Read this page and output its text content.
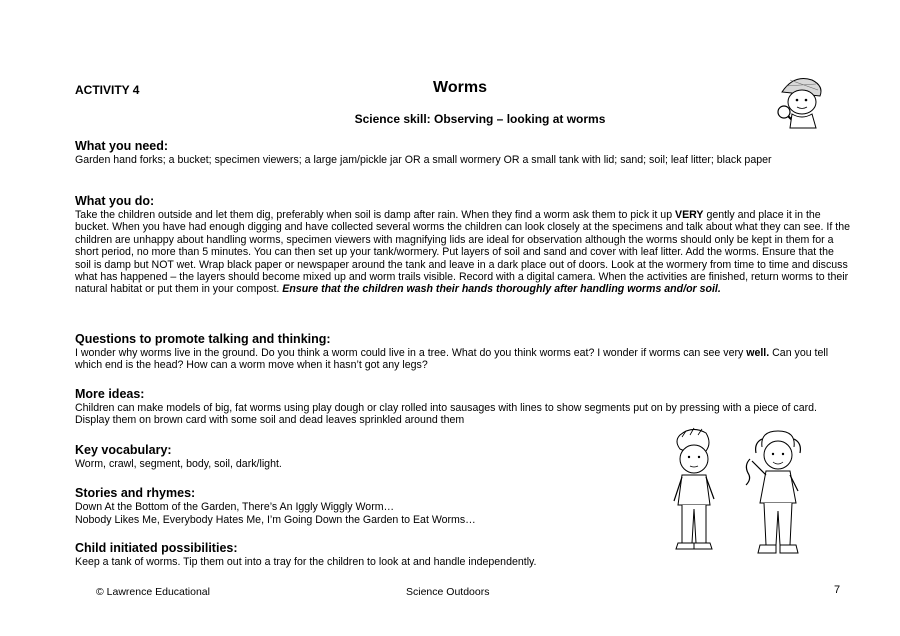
ACTIVITY 4	Worms
Science skill: Observing – looking at worms
What you need:
Garden hand forks; a bucket; specimen viewers; a large jam/pickle jar OR a small wormery OR a small tank with lid; sand; soil; leaf litter; black paper
What you do:
Take the children outside and let them dig, preferably when soil is damp after rain. When they find a worm ask them to pick it up VERY gently and place it in the bucket. When you have had enough digging and have collected several worms the children can look closely at the specimens and talk about what they can see. If the children are unhappy about handling worms, specimen viewers with magnifying lids are ideal for observation although the worms should only be kept in them for a short period, no more than 5 minutes. You can then set up your tank/wormery. Put layers of soil and sand and cover with leaf litter. Add the worms. Ensure that the soil is damp but NOT wet. Wrap black paper or newspaper around the tank and leave in a dark place out of doors. Look at the wormery from time to time and discuss what has happened – the layers should become mixed up and worm trails visible. Record with a digital camera. When the activities are finished, return worms to their natural habitat or put them in your compost. Ensure that the children wash their hands thoroughly after handling worms and/or soil.
Questions to promote talking and thinking:
I wonder why worms live in the ground. Do you think a worm could live in a tree. What do you think worms eat? I wonder if worms can see very well. Can you tell which end is the head? How can a worm move when it hasn’t got any legs?
More ideas:
Children can make models of big, fat worms using play dough or clay rolled into sausages with lines to show segments put on by pressing with a piece of card. Display them on brown card with some soil and dead leaves sprinkled around them
Key vocabulary:
Worm, crawl, segment, body, soil, dark/light.
Stories and rhymes:
Down At the Bottom of the Garden, There’s An Iggly Wiggly Worm…
Nobody Likes Me, Everybody Hates Me, I’m Going Down the Garden to Eat Worms…
Child initiated possibilities:
Keep a tank of worms. Tip them out into a tray for the children to look at and handle independently.
© Lawrence Educational	Science Outdoors	7
